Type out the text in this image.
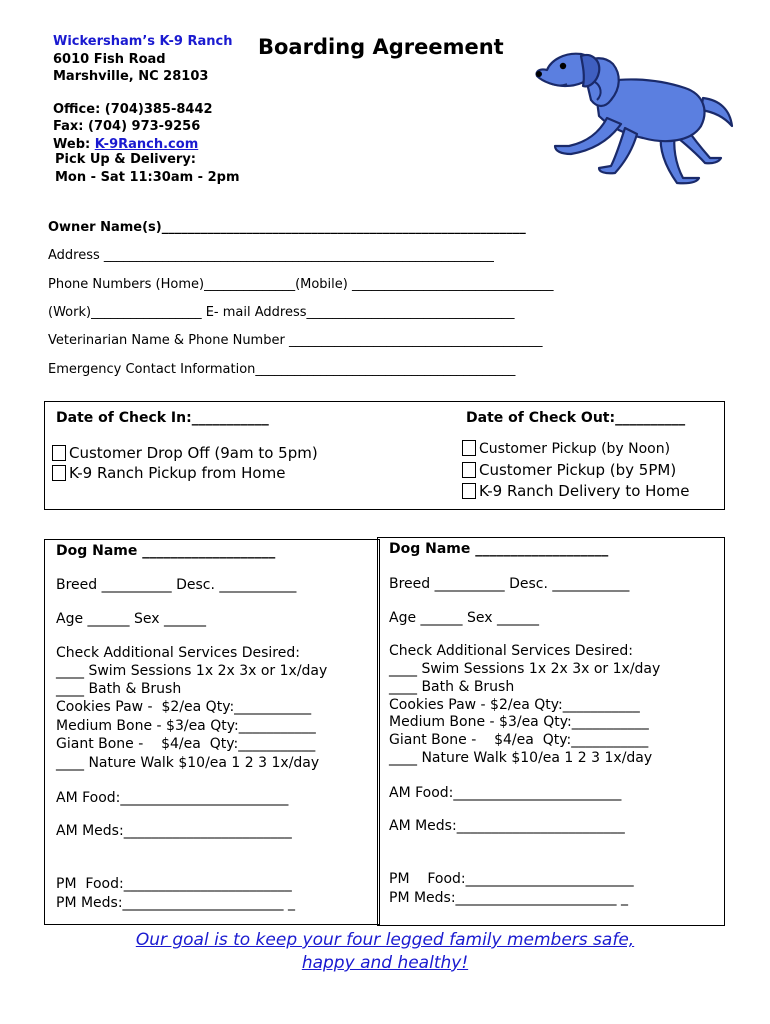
Wickersham’s K-9 Ranch
6010 Fish Road
Marshville, NC 28103
Office: (704)385-8442
Fax: (704) 973-9256
Web: K-9Ranch.com
Pick Up & Delivery:
Mon - Sat 11:30am - 2pm
Boarding Agreement
Owner Name(s)________________________________________________________
Address ____________________________________________________________
Phone Numbers (Home)______________(Mobile) _______________________________
(Work)_________________ E- mail Address________________________________
Veterinarian Name & Phone Number _______________________________________
Emergency Contact Information________________________________________
Date of Check In:___________	Date of Check Out:__________
Customer Drop Off (9am to 5pm)
K-9 Ranch Pickup from Home
Customer Pickup (by Noon)
Customer Pickup (by 5PM)
K-9 Ranch Delivery to Home
Dog Name ___________________
Breed __________ Desc. ___________
Age ______ Sex ______
Check Additional Services Desired:
____ Swim Sessions 1x 2x 3x or 1x/day
____ Bath & Brush
Cookies Paw -  $2/ea Qty:___________
Medium Bone - $3/ea Qty:___________
Giant Bone -    $4/ea  Qty:___________
____ Nature Walk $10/ea 1 2 3 1x/day
AM Food:________________________
AM Meds:________________________
PM  Food:________________________
PM Meds:_______________________ _
Dog Name ___________________
Breed __________ Desc. ___________
Age ______ Sex ______
Check Additional Services Desired:
____ Swim Sessions 1x 2x 3x or 1x/day
____ Bath & Brush
Cookies Paw - $2/ea Qty:___________
Medium Bone - $3/ea Qty:___________
Giant Bone -    $4/ea  Qty:___________
____ Nature Walk $10/ea 1 2 3 1x/day
AM Food:________________________
AM Meds:________________________
PM    Food:________________________
PM Meds:_______________________ _
Our goal is to keep your four legged family members safe,
happy and healthy!
